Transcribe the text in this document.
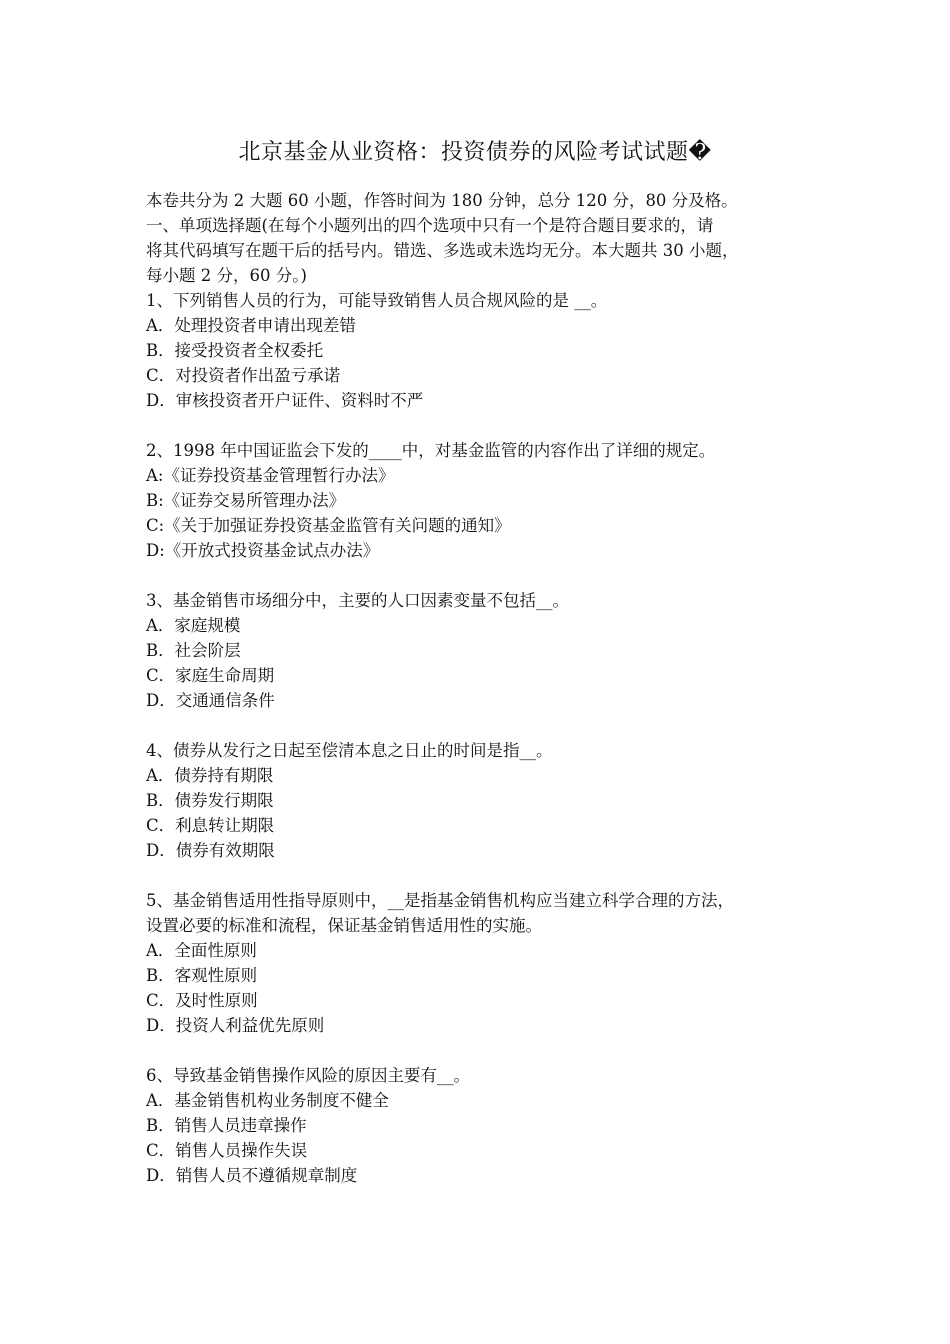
北京基金从业资格：投资债券的风险考试试题�
本卷共分为 2 大题 60 小题，作答时间为 180 分钟，总分 120 分，80 分及格。
一、单项选择题(在每个小题列出的四个选项中只有一个是符合题目要求的，请
将其代码填写在题干后的括号内。错选、多选或未选均无分。本大题共 30 小题，
每小题 2 分，60 分。)
1、下列销售人员的行为，可能导致销售人员合规风险的是 __。
A．处理投资者申请出现差错
B．接受投资者全权委托
C．对投资者作出盈亏承诺
D．审核投资者开户证件、资料时不严
2、1998 年中国证监会下发的____中，对基金监管的内容作出了详细的规定。
A:《证券投资基金管理暂行办法》
B:《证券交易所管理办法》
C:《关于加强证券投资基金监管有关问题的通知》
D:《开放式投资基金试点办法》
3、基金销售市场细分中，主要的人口因素变量不包括__。
A．家庭规模
B．社会阶层
C．家庭生命周期
D．交通通信条件
4、债券从发行之日起至偿清本息之日止的时间是指__。
A．债券持有期限
B．债券发行期限
C．利息转让期限
D．债券有效期限
5、基金销售适用性指导原则中，__是指基金销售机构应当建立科学合理的方法，
设置必要的标准和流程，保证基金销售适用性的实施。
A．全面性原则
B．客观性原则
C．及时性原则
D．投资人利益优先原则
6、导致基金销售操作风险的原因主要有__。
A．基金销售机构业务制度不健全
B．销售人员违章操作
C．销售人员操作失误
D．销售人员不遵循规章制度
